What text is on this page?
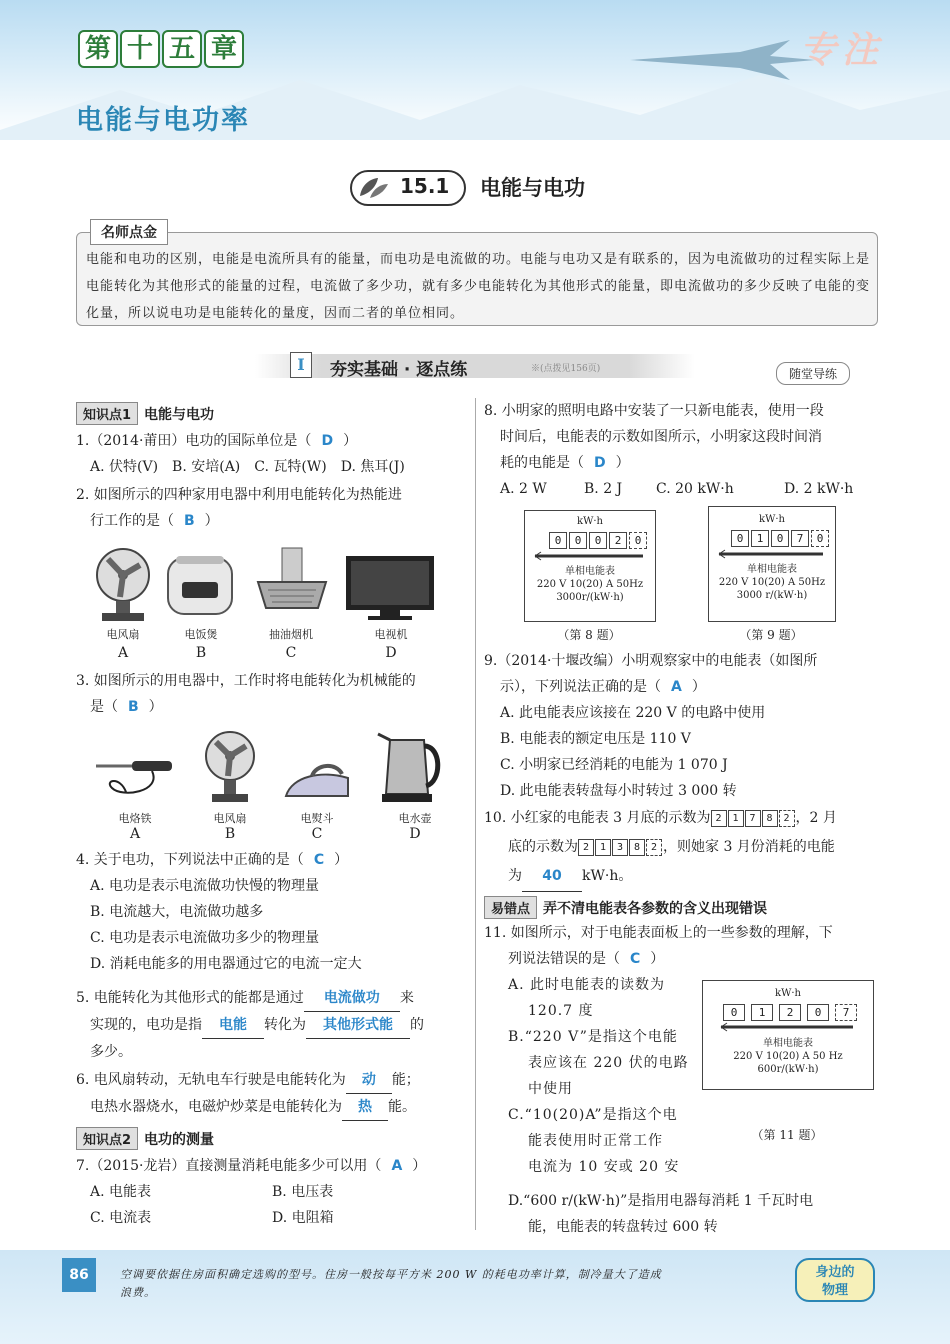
专注
第 十 五 章
电能与电功率
15.1 电能与电功
名师点金
电能和电功的区别，电能是电流所具有的能量，而电功是电流做的功。电能与电功又是有联系的，因为电流做功的过程实际上是电能转化为其他形式的能量的过程，电流做了多少功，就有多少电能转化为其他形式的能量，即电流做功的多少反映了电能的变化量，所以说电功是电能转化的量度，因而二者的单位相同。
I	夯实基础 · 逐点练	※(点拨见156页)	随堂导练
知识点1 电能与电功
1.（2014·莆田）电功的国际单位是（ D ）
A. 伏特(V) B. 安培(A) C. 瓦特(W) D. 焦耳(J)
2. 如图所示的四种家用电器中利用电能转化为热能进
行工作的是（ B ）
电风扇	电饭煲	抽油烟机	电视机
A	B	C	D
3. 如图所示的用电器中，工作时将电能转化为机械能的
是（ B ）
电烙铁	电风扇	电熨斗	电水壶
A	B	C	D
4. 关于电功，下列说法中正确的是（ C ）
A. 电功是表示电流做功快慢的物理量
B. 电流越大，电流做功越多
C. 电功是表示电流做功多少的物理量
D. 消耗电能多的用电器通过它的电流一定大
5. 电能转化为其他形式的能都是通过 电流做功 来
实现的，电功是指 电能 转化为 其他形式能 的
多少。
6. 电风扇转动，无轨电车行驶是电能转化为 动 能；
电热水器烧水，电磁炉炒菜是电能转化为 热 能。
知识点2 电功的测量
7.（2015·龙岩）直接测量消耗电能多少可以用（ A ）
A. 电能表	B. 电压表
C. 电流表	D. 电阻箱
8. 小明家的照明电路中安装了一只新电能表，使用一段
时间后，电能表的示数如图所示，小明家这段时间消
耗的电能是（ D ）
A. 2 W	B. 2 J	C. 20 kW·h	D. 2 kW·h
kW·h
0	0	0	2	0
单相电能表
220 V 10(20) A 50Hz
3000r/(kW·h)
（第 8 题）
kW·h
0	1	0	7	0
单相电能表
220 V 10(20) A 50Hz
3000 r/(kW·h)
（第 9 题）
9.（2014·十堰改编）小明观察家中的电能表（如图所
示），下列说法正确的是（ A ）
A. 此电能表应该接在 220 V 的电路中使用
B. 电能表的额定电压是 110 V
C. 小明家已经消耗的电能为 1 070 J
D. 此电能表转盘每小时转过 3 000 转
10. 小红家的电能表 3 月底的示数为 2	1	7	8	2 ，2 月
底的示数为 2	1	3	8	2 ，则她家 3 月份消耗的电能
为 40 kW·h。
易错点 弄不清电能表各参数的含义出现错误
11. 如图所示，对于电能表面板上的一些参数的理解，下
列说法错误的是（ C ）
A. 此时电能表的读数为
120.7 度
B.“220 V”是指这个电能
表应该在 220 伏的电路
中使用
C.“10(20)A”是指这个电
能表使用时正常工作
电流为 10 安或 20 安
D.“600 r/(kW·h)”是指用电器每消耗 1 千瓦时电
能，电能表的转盘转过 600 转
kW·h
0	1	2	0	7
单相电能表
220 V 10(20) A 50 Hz
600r/(kW·h)
（第 11 题）
86	空调要依据住房面积确定选购的型号。住房一般按每平方米 200 W 的耗电功率计算，制冷量大了造成
浪费。
身边的
物理
